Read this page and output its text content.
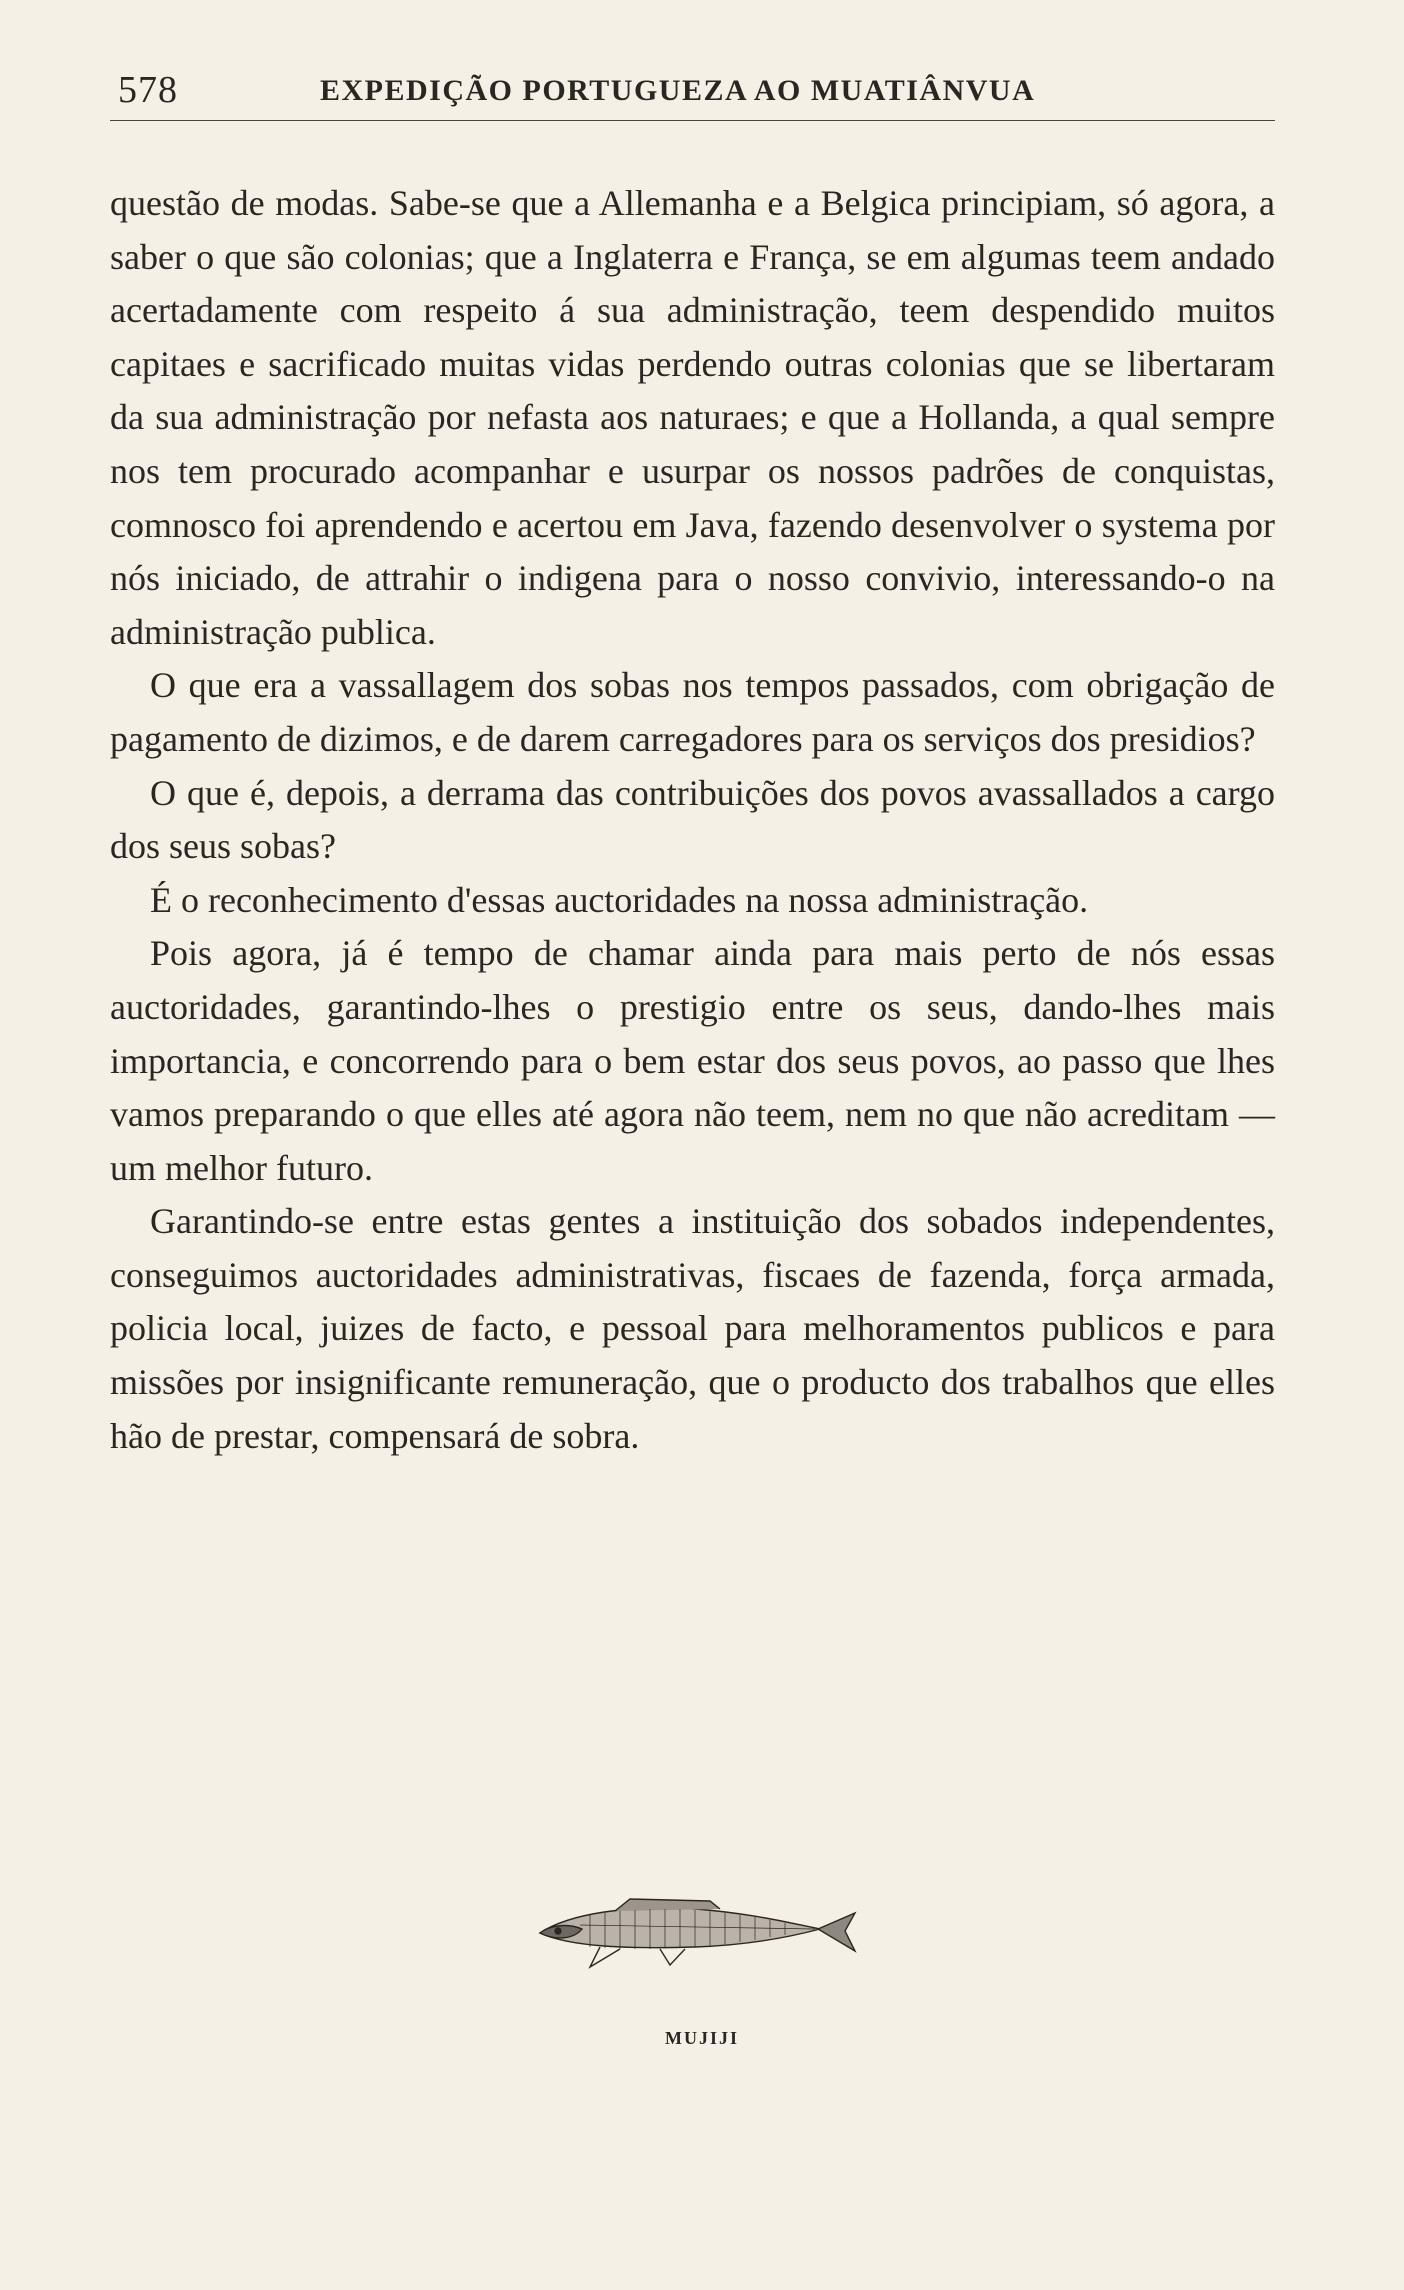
578	EXPEDIÇÃO PORTUGUEZA AO MUATIÂNVUA

questão de modas. Sabe-se que a Allemanha e a Belgica principiam, só agora, a saber o que são colonias; que a Inglaterra e França, se em algumas teem andado acertadamente com respeito á sua administração, teem despendido muitos capitaes e sacrificado muitas vidas perdendo outras colonias que se libertaram da sua administração por nefasta aos naturaes; e que a Hollanda, a qual sempre nos tem procurado acompanhar e usurpar os nossos padrões de conquistas, comnosco foi aprendendo e acertou em Java, fazendo desenvolver o systema por nós iniciado, de attrahir o indigena para o nosso convivio, interessando-o na administração publica.

O que era a vassallagem dos sobas nos tempos passados, com obrigação de pagamento de dizimos, e de darem carregadores para os serviços dos presidios?

O que é, depois, a derrama das contribuições dos povos avassallados a cargo dos seus sobas?

É o reconhecimento d'essas auctoridades na nossa administração.

Pois agora, já é tempo de chamar ainda para mais perto de nós essas auctoridades, garantindo-lhes o prestigio entre os seus, dando-lhes mais importancia, e concorrendo para o bem estar dos seus povos, ao passo que lhes vamos preparando o que elles até agora não teem, nem no que não acreditam — um melhor futuro.

Garantindo-se entre estas gentes a instituição dos sobados independentes, conseguimos auctoridades administrativas, fiscaes de fazenda, força armada, policia local, juizes de facto, e pessoal para melhoramentos publicos e para missões por insignificante remuneração, que o producto dos trabalhos que elles hão de prestar, compensará de sobra.

MUJIJI
